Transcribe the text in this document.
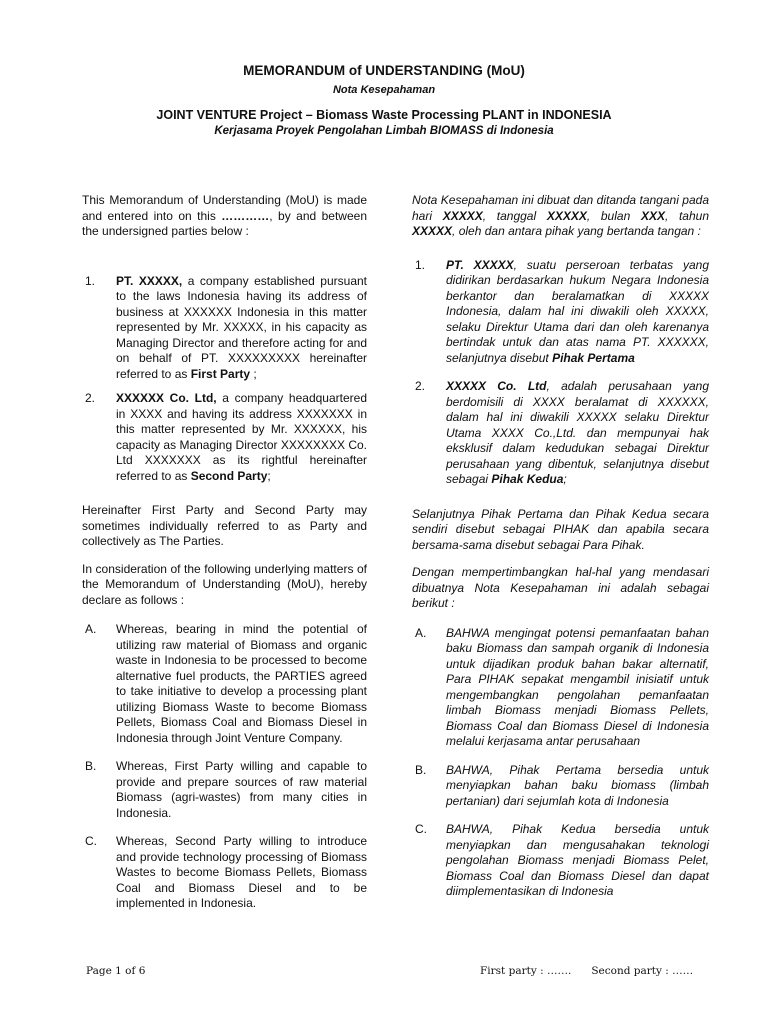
MEMORANDUM of UNDERSTANDING (MoU)
Nota Kesepahaman
JOINT VENTURE Project – Biomass Waste Processing PLANT in INDONESIA
Kerjasama Proyek Pengolahan Limbah BIOMASS di Indonesia

This Memorandum of Understanding (MoU) is made and entered into on this …………, by and between the undersigned parties below :

1.	PT. XXXXX, a company established pursuant to the laws Indonesia having its address of business at XXXXXX Indonesia in this matter represented by Mr. XXXXX, in his capacity as Managing Director and therefore acting for and on behalf of PT. XXXXXXXXX hereinafter referred to as First Party ;
2.	XXXXXX Co. Ltd, a company headquartered in XXXX and having its address XXXXXXX in this matter represented by Mr. XXXXXX, his capacity as Managing Director XXXXXXXX Co. Ltd XXXXXXX as its rightful hereinafter referred to as Second Party;

Hereinafter First Party and Second Party may sometimes individually referred to as Party and collectively as The Parties.

In consideration of the following underlying matters of the Memorandum of Understanding (MoU), hereby declare as follows :

A.	Whereas, bearing in mind the potential of utilizing raw material of Biomass and organic waste in Indonesia to be processed to become alternative fuel products, the PARTIES agreed to take initiative to develop a processing plant utilizing Biomass Waste to become Biomass Pellets, Biomass Coal and Biomass Diesel in Indonesia through Joint Venture Company.
B.	Whereas, First Party willing and capable to provide and prepare sources of raw material Biomass (agri-wastes) from many cities in Indonesia.
C.	Whereas, Second Party willing to introduce and provide technology processing of Biomass Wastes to become Biomass Pellets, Biomass Coal and Biomass Diesel and to be implemented in Indonesia.

Nota Kesepahaman ini dibuat dan ditanda tangani pada hari XXXXX, tanggal XXXXX, bulan XXX, tahun XXXXX, oleh dan antara pihak yang bertanda tangan :

1.	PT. XXXXX, suatu perseroan terbatas yang didirikan berdasarkan hukum Negara Indonesia berkantor dan beralamatkan di XXXXX Indonesia, dalam hal ini diwakili oleh XXXXX, selaku Direktur Utama dari dan oleh karenanya bertindak untuk dan atas nama PT. XXXXXX, selanjutnya disebut Pihak Pertama
2.	XXXXX Co. Ltd, adalah perusahaan yang berdomisili di XXXX beralamat di XXXXXX, dalam hal ini diwakili XXXXX selaku Direktur Utama XXXX Co.,Ltd. dan mempunyai hak eksklusif dalam kedudukan sebagai Direktur perusahaan yang dibentuk, selanjutnya disebut sebagai Pihak Kedua;

Selanjutnya Pihak Pertama dan Pihak Kedua secara sendiri disebut sebagai PIHAK dan apabila secara bersama-sama disebut sebagai Para Pihak.

Dengan mempertimbangkan hal-hal yang mendasari dibuatnya Nota Kesepahaman ini adalah sebagai berikut :

A.	BAHWA mengingat potensi pemanfaatan bahan baku Biomass dan sampah organik di Indonesia untuk dijadikan produk bahan bakar alternatif, Para PIHAK sepakat mengambil inisiatif untuk mengembangkan pengolahan pemanfaatan limbah Biomass menjadi Biomass Pellets, Biomass Coal dan Biomass Diesel di Indonesia melalui kerjasama antar perusahaan
B.	BAHWA, Pihak Pertama bersedia untuk menyiapkan bahan baku biomass (limbah pertanian) dari sejumlah kota di Indonesia
C.	BAHWA, Pihak Kedua bersedia untuk menyiapkan dan mengusahakan teknologi pengolahan Biomass menjadi Biomass Pelet, Biomass Coal dan Biomass Diesel dan dapat diimplementasikan di Indonesia
Page 1 of 6	First party : ……. Second party : ……
